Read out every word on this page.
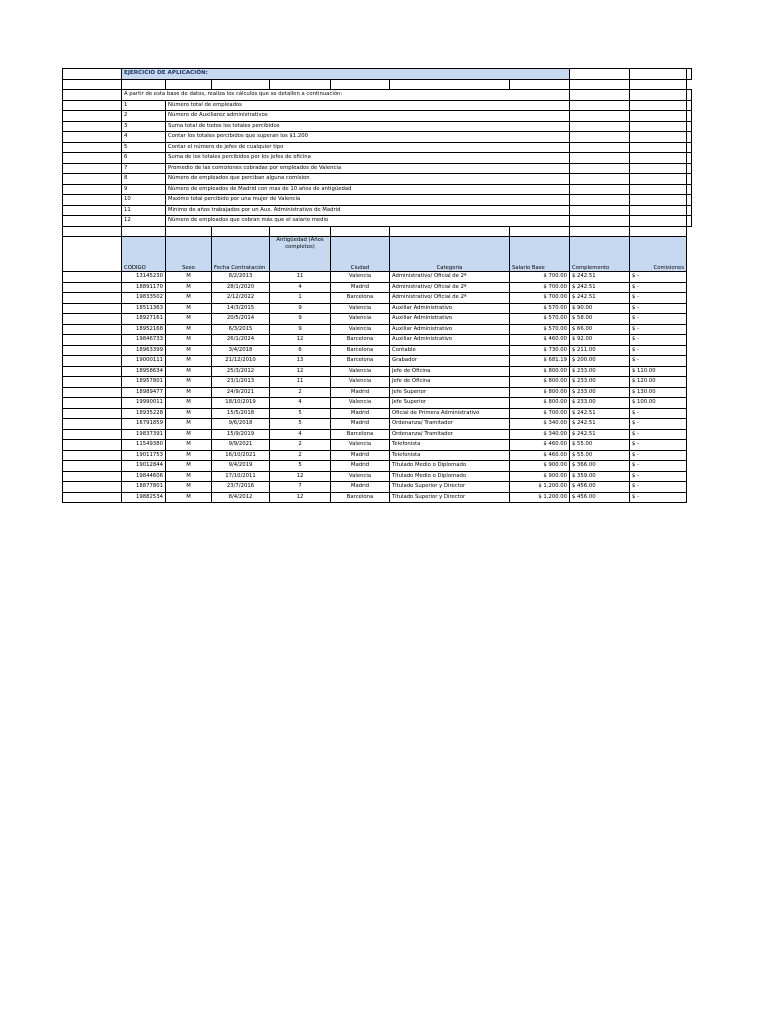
	EJERCICIO DE APLICACIÓN:									

	A partir de esta base de datos, realiza los cálculos que se detallen a continuación:									
	1	Número total de empleados								
	2	Número de Auxiliarez administrativos								
	3	Suma total de todos los totales percibidos								
	4	Contar los totales percibidos que superan los $1.200								
	5	Contar el número de jefes de cualquier tipo								
	6	Suma de los totales percibidos por los jefes de oficina								
	7	Promedio de las comiziones cobradas por empleados de Valencia								
	8	Número de empleados que perciban alguna comision								
	9	Número de empleados de Madrid con mas de 10 años de antigüedad								
	10	Maximo total percibido por una mujer de Valencia								
	11	Minimo de años trabajados por un Aux. Administrativo de Madrid								
	12	Número de empleados que cobran más que el salario medio								

	CODIGO	Sexo	Fecha Contratación	Antigüedad (Años completos)	Ciudad	Categoria	Salario Base	Complemento	Comisiones	
	13145230	M	8/2/2013	11	Valencia	Administrativo/ Oficial de 2ª	$ 700.00	$ 242.51	$ -	
	18891170	M	28/1/2020	4	Madrid	Administrativo/ Oficial de 2ª	$ 700.00	$ 242.51	$ -	
	19833502	M	2/12/2022	1	Barcelona	Administrativo/ Oficial de 2ª	$ 700.00	$ 242.51	$ -	
	18511363	M	14/3/2015	9	Valencia	Auxiliar Administrativo	$ 570.00	$ 90.00	$ -	
	18927161	M	20/5/2014	9	Valencia	Auxiliar Administrativo	$ 570.00	$ 58.00	$ -	
	18952168	M	6/3/2015	9	Valencia	Auxiliar Administrativo	$ 570.00	$ 66.00	$ -	
	19846733	M	26/1/2024	12	Barcelona	Auxiliar Administrativo	$ 460.00	$ 92.00	$ -	
	18963399	M	3/4/2018	6	Barcelona	Contable	$ 730.00	$ 211.00	$ -	
	19000111	M	21/12/2010	13	Barcelona	Grabador	$ 681.19	$ 200.00	$ -	
	18958634	M	25/3/2012	12	Valencia	Jefe de Oficina	$ 800.00	$ 233.00	$ 110.00	
	18957801	M	23/1/2013	11	Valencia	Jefe de Oficina	$ 800.00	$ 233.00	$ 120.00	
	18989477	M	24/9/2021	2	Madrid	Jefe Superior	$ 800.00	$ 233.00	$ 130.00	
	19990011	M	18/10/2019	4	Valencia	Jefe Superior	$ 800.00	$ 233.00	$ 100.00	
	18935228	M	15/5/2018	5	Madrid	Oficial de Primera Administrativo	$ 700.00	$ 242.51	$ -	
	16791859	M	9/6/2018	5	Madrid	Ordenanza/ Tramitador	$ 340.00	$ 242.51	$ -	
	19837391	M	15/9/2019	4	Barcelona	Ordenanza/ Tramitador	$ 340.00	$ 242.51	$ -	
	11549380	M	9/9/2021	2	Valencia	Telefonista	$ 460.00	$ 55.00	$ -	
	19011753	M	16/10/2021	2	Madrid	Telefonista	$ 460.00	$ 55.00	$ -	
	19012844	M	9/4/2019	5	Madrid	Titulado Medio o Diplomado	$ 900.00	$ 366.00	$ -	
	19844606	M	17/10/2011	12	Valencia	Titulado Medio o Diplomado	$ 900.00	$ 359.00	$ -	
	18877801	M	23/7/2016	7	Madrid	Titulado Superior y Director	$ 1,200.00	$ 456.00	$ -	
	19882534	M	8/4/2012	12	Barcelona	Titulado Superior y Director	$ 1,200.00	$ 456.00	$ -	
